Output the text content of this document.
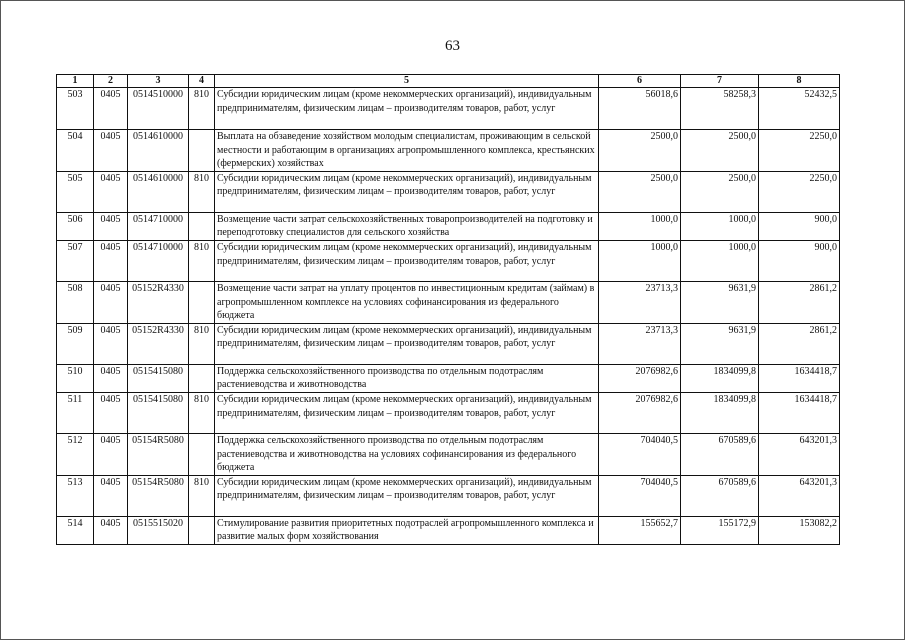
63
1	2	3	4	5	6	7	8
503	0405	0514510000	810	Субсидии юридическим лицам (кроме некоммерческих организаций), индивидуальным предпринимателям, физическим лицам – производителям товаров, работ, услуг	56018,6	58258,3	52432,5
504	0405	0514610000		Выплата на обзаведение хозяйством молодым специалистам, проживающим в сельской местности и работающим в организациях агропромышленного комплекса, крестьянских (фермерских) хозяйствах	2500,0	2500,0	2250,0
505	0405	0514610000	810	Субсидии юридическим лицам (кроме некоммерческих организаций), индивидуальным предпринимателям, физическим лицам – производителям товаров, работ, услуг	2500,0	2500,0	2250,0
506	0405	0514710000		Возмещение части затрат сельскохозяйственных товаропроизводителей на подготовку и переподготовку специалистов для сельского хозяйства	1000,0	1000,0	900,0
507	0405	0514710000	810	Субсидии юридическим лицам (кроме некоммерческих организаций), индивидуальным предпринимателям, физическим лицам – производителям товаров, работ, услуг	1000,0	1000,0	900,0
508	0405	05152R4330		Возмещение части затрат на уплату процентов по инвестиционным кредитам (займам) в агропромышленном комплексе на условиях софинансирования из федерального бюджета	23713,3	9631,9	2861,2
509	0405	05152R4330	810	Субсидии юридическим лицам (кроме некоммерческих организаций), индивидуальным предпринимателям, физическим лицам – производителям товаров, работ, услуг	23713,3	9631,9	2861,2
510	0405	0515415080		Поддержка сельскохозяйственного производства по отдельным подотраслям растениеводства и животноводства	2076982,6	1834099,8	1634418,7
511	0405	0515415080	810	Субсидии юридическим лицам (кроме некоммерческих организаций), индивидуальным предпринимателям, физическим лицам – производителям товаров, работ, услуг	2076982,6	1834099,8	1634418,7
512	0405	05154R5080		Поддержка сельскохозяйственного производства по отдельным подотраслям растениеводства и животноводства на условиях софинансирования из федерального бюджета	704040,5	670589,6	643201,3
513	0405	05154R5080	810	Субсидии юридическим лицам (кроме некоммерческих организаций), индивидуальным предпринимателям, физическим лицам – производителям товаров, работ, услуг	704040,5	670589,6	643201,3
514	0405	0515515020		Стимулирование развития приоритетных подотраслей агропромышленного комплекса и развитие малых форм хозяйствования	155652,7	155172,9	153082,2
